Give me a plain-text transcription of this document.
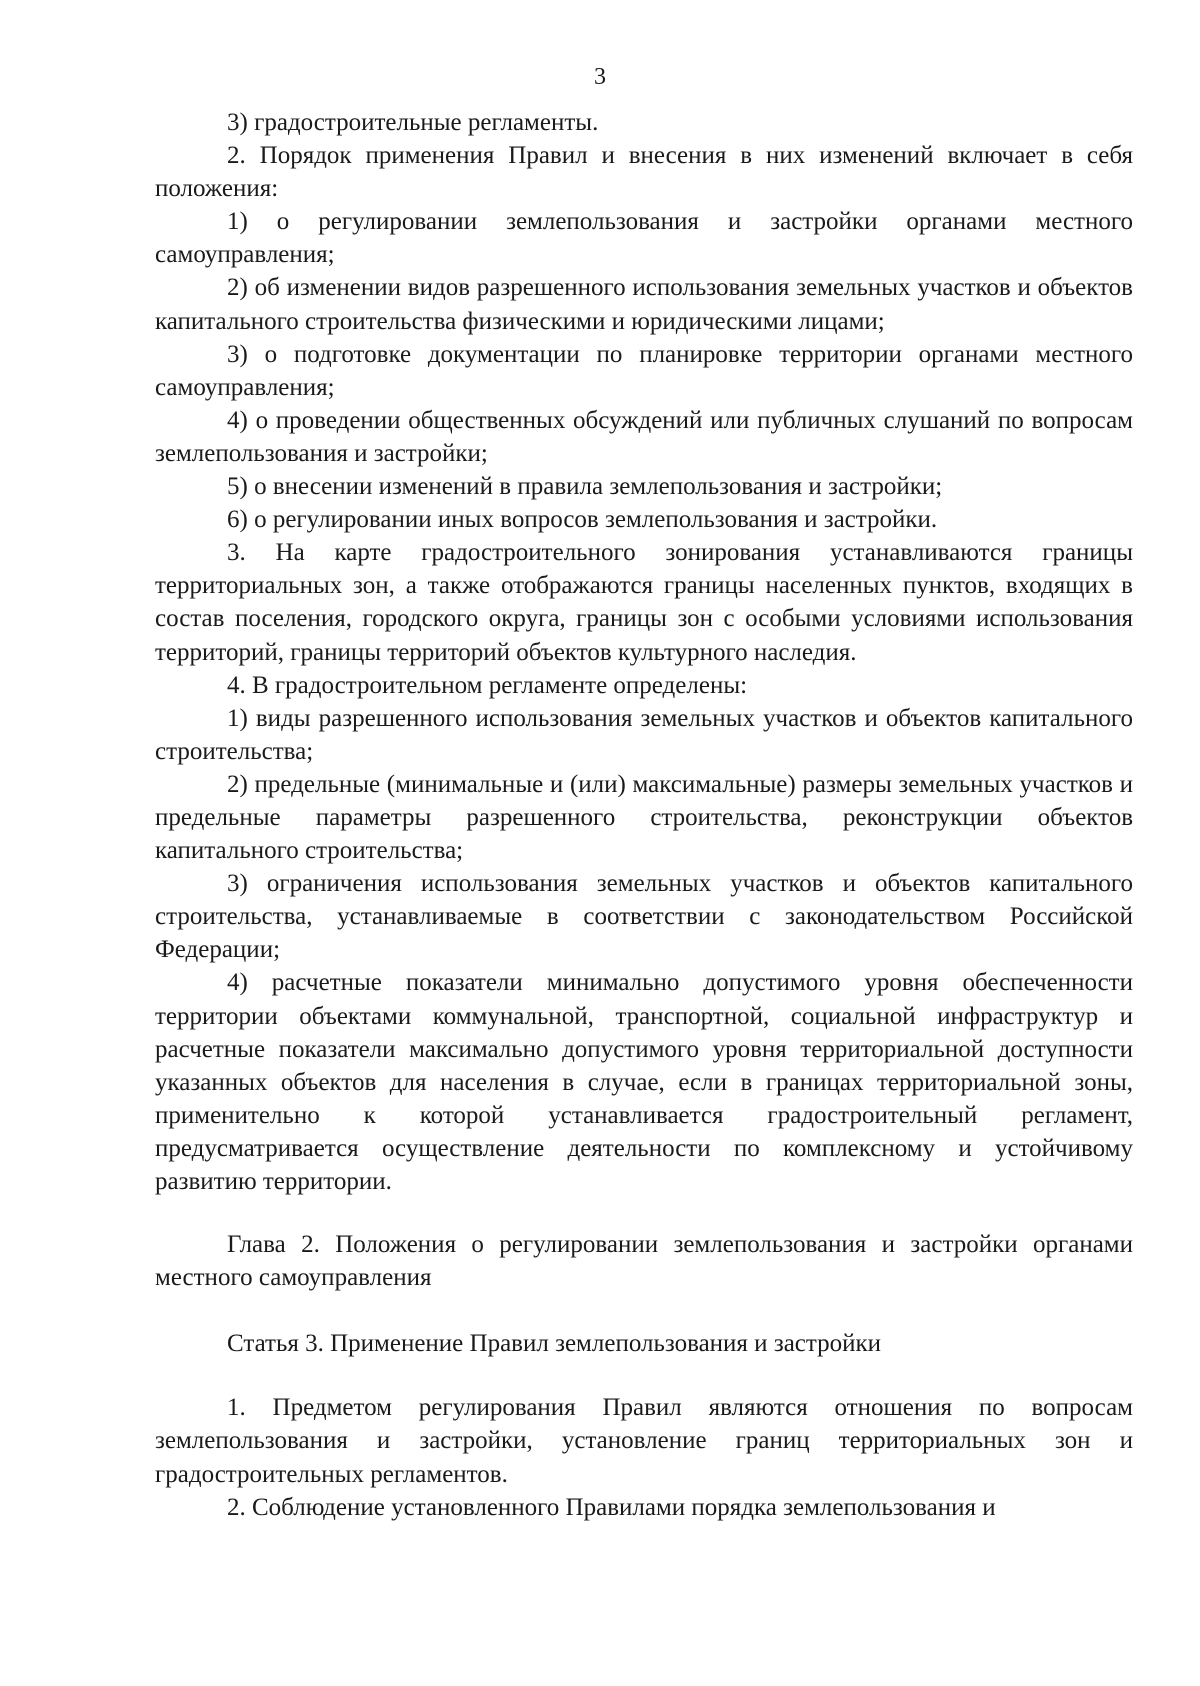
3

3) градостроительные регламенты.

2. Порядок применения Правил и внесения в них изменений включает в себя положения:

1) о регулировании землепользования и застройки органами местного самоуправления;

2) об изменении видов разрешенного использования земельных участков и объектов капитального строительства физическими и юридическими лицами;

3) о подготовке документации по планировке территории органами местного самоуправления;

4) о проведении общественных обсуждений или публичных слушаний по вопросам землепользования и застройки;

5) о внесении изменений в правила землепользования и застройки;

6) о регулировании иных вопросов землепользования и застройки.

3. На карте градостроительного зонирования устанавливаются границы территориальных зон, а также отображаются границы населенных пунктов, входящих в состав поселения, городского округа, границы зон с особыми условиями использования территорий, границы территорий объектов культурного наследия.

4. В градостроительном регламенте определены:

1) виды разрешенного использования земельных участков и объектов капитального строительства;

2) предельные (минимальные и (или) максимальные) размеры земельных участков и предельные параметры разрешенного строительства, реконструкции объектов капитального строительства;

3) ограничения использования земельных участков и объектов капитального строительства, устанавливаемые в соответствии с законодательством Российской Федерации;

4) расчетные показатели минимально допустимого уровня обеспеченности территории объектами коммунальной, транспортной, социальной инфраструктур и расчетные показатели максимально допустимого уровня территориальной доступности указанных объектов для населения в случае, если в границах территориальной зоны, применительно к которой устанавливается градостроительный регламент, предусматривается осуществление деятельности по комплексному и устойчивому развитию территории.

Глава 2. Положения о регулировании землепользования и застройки органами местного самоуправления

Статья 3. Применение Правил землепользования и застройки

1. Предметом регулирования Правил являются отношения по вопросам землепользования и застройки, установление границ территориальных зон и градостроительных регламентов.

2. Соблюдение установленного Правилами порядка землепользования и
